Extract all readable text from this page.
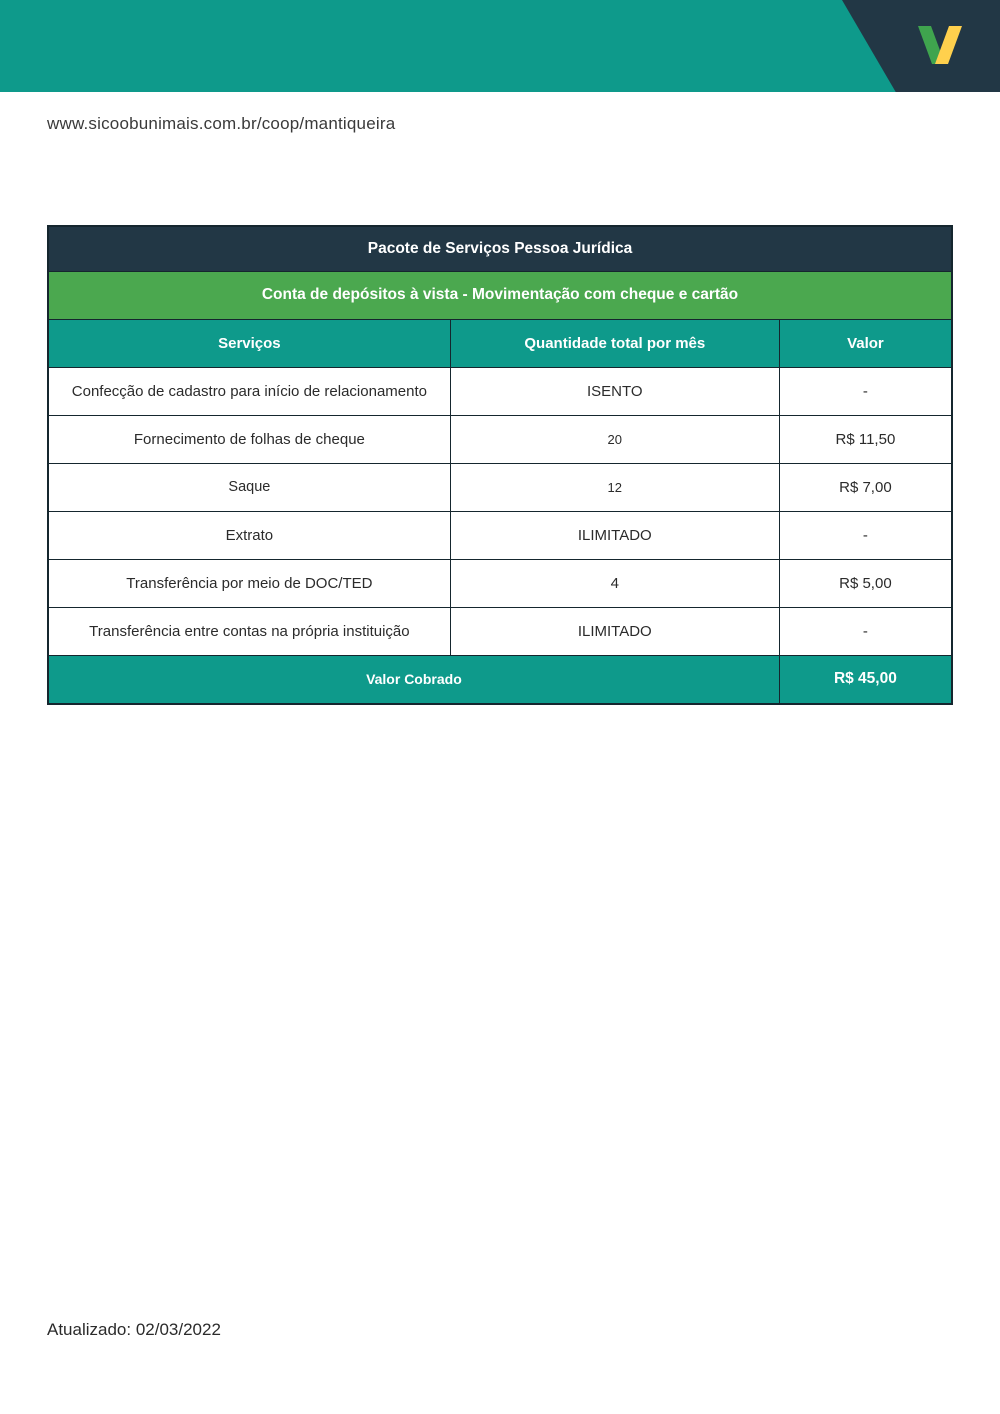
www.sicoobunimais.com.br/coop/mantiqueira
Pacote de Serviços Pessoa Jurídica		
Conta de depósitos à vista - Movimentação com cheque e cartão		
Serviços	Quantidade total por mês	Valor
Confecção de cadastro para início de relacionamento	ISENTO	-
Fornecimento de folhas de cheque	20	R$ 11,50
Saque	12	R$ 7,00
Extrato	ILIMITADO	-
Transferência por meio de DOC/TED	4	R$ 5,00
Transferência entre contas na própria instituição	ILIMITADO	-
Valor Cobrado		R$ 45,00
Atualizado: 02/03/2022
